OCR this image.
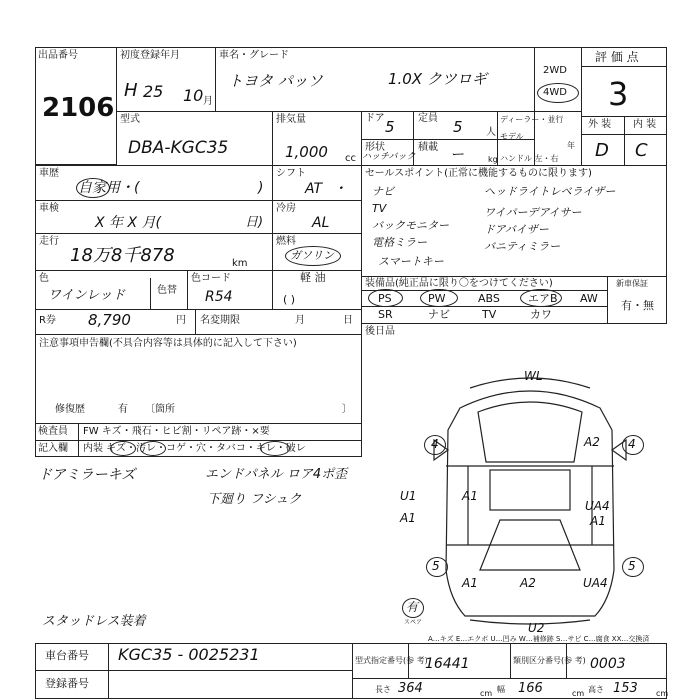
出品番号
2106
初度登録年月
H 25 10 月
車名・グレード
トヨタ パッソ	1.0X クツロギ	2WD
4WD
評 価 点
3
型式
DBA-KGC35
排気量
1,000 cc
ドア 5 定員 5 人
形状
ハッチバック
積載 ー	kg
ディーラー・並行
モデル
年
ハンドル 左・右
外 装 内 装
D C
車歴
自家用・(	)
シフト
AT ・
車検
X 年 X 月(	日)
冷房
AL
走行
18万8千878	km
燃料
ガソリン
軽 油
( )
色
ワインレッド	色替
色コード
R54
R券 8,790	円 名変期限	月	日
セールスポイント(正常に機能するものに限ります)
ナビ
TV
バックモニター
電格ミラー
スマートキー
ヘッドライトレベライザー
ワイパーデアイサー
ドアバイザー
バニティミラー
装備品(純正品に限り〇をつけてください)	新車保証
有・無
PS	PW	ABS	エアB AW
SR	ナビ	TV	カワ
後日品
注意事項申告欄(不具合内容等は具体的に記入して下さい)
修復歴	有 〔箇所	〕
検査員 FW キズ・飛石・ヒビ割・リペア跡・×要
記入欄 内装 キズ・汚レ・コゲ・穴・タバコ・キレ・破レ
ドアミラーキズ	エンドパネル ロア4ポ歪
下廻り フシュク
スタッドレス装着
WL
4	A2 4
U1
A1
A1
UA4
A1
5	5
A1	A2	UA4
U2
有
スペア
A…キズ E…エクボ U…凹み W…補修跡 S…サビ C…腐食 XX…交換済
車台番号 KGC35 - 0025231
登録番号
型式指定番号(参 考)
16441	類別区分番号(参 考) 0003
長さ 364	cm 幅 166	cm 高さ 153 cm
